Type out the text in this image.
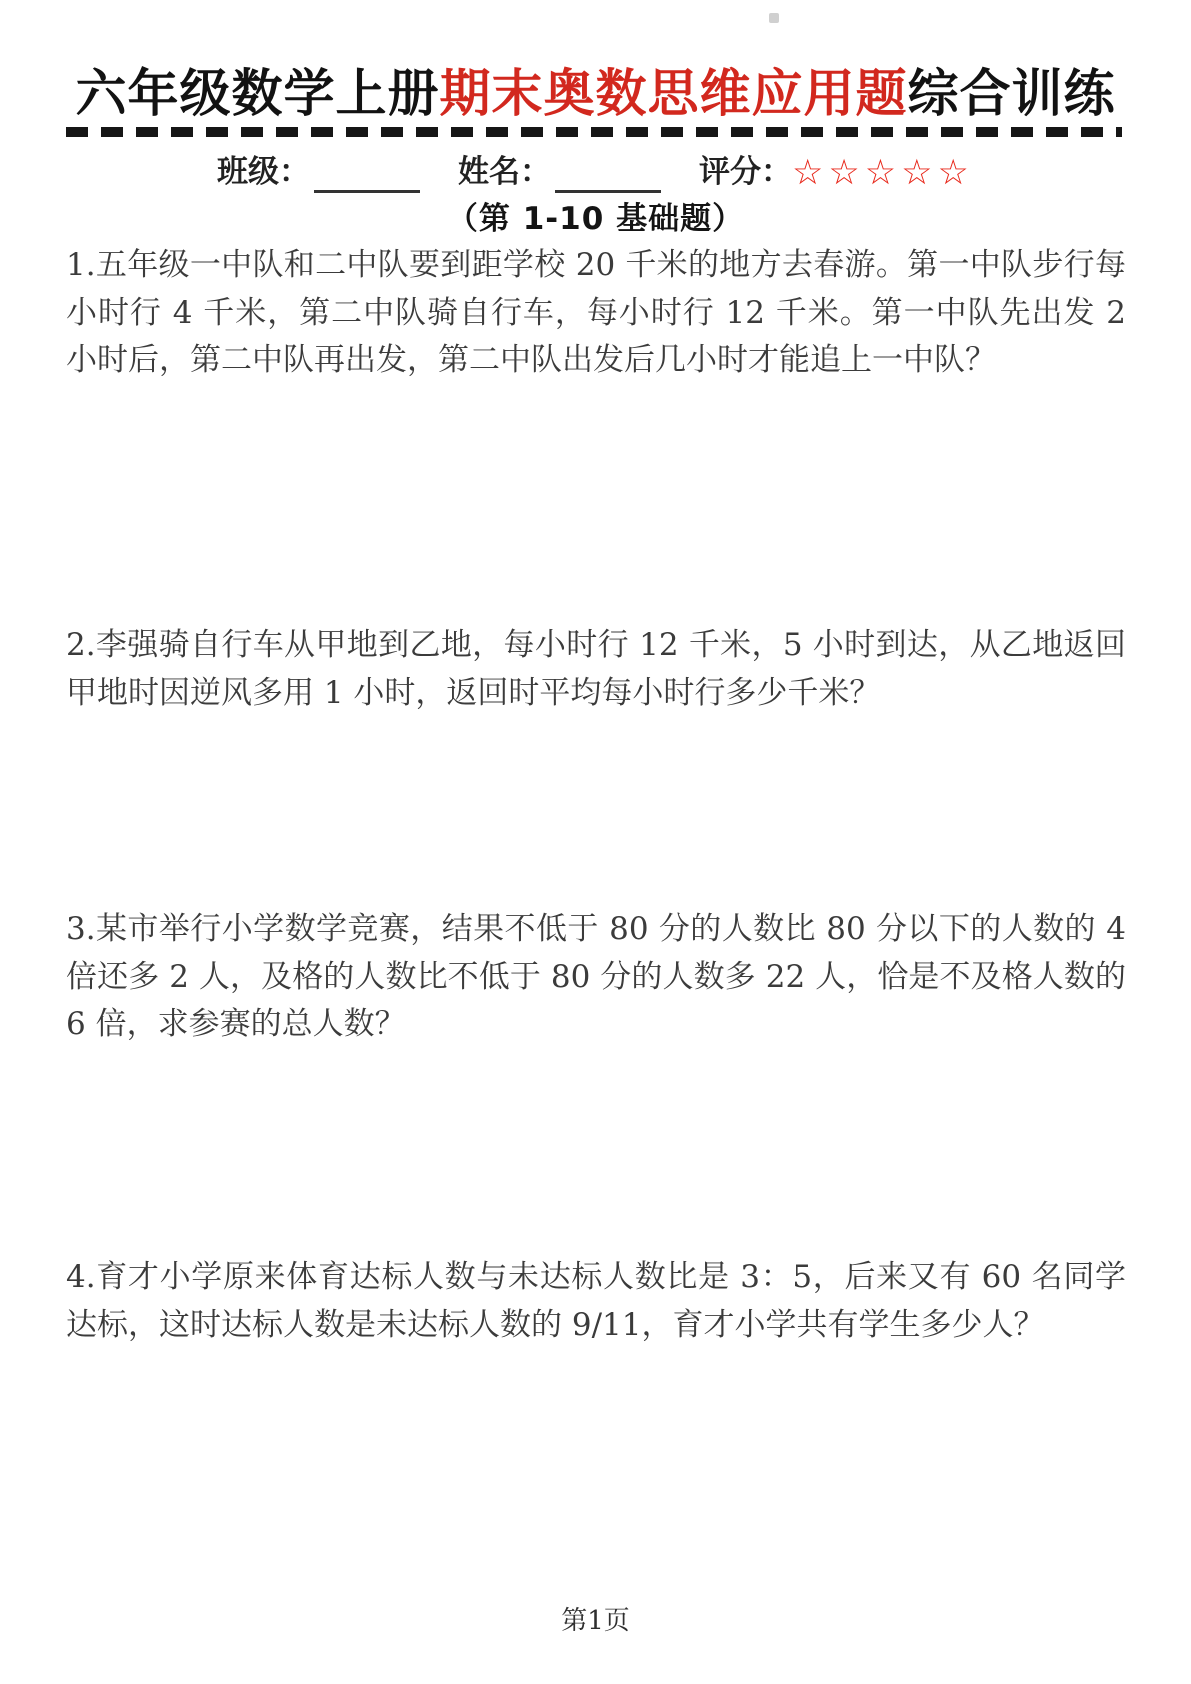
六年级数学上册期末奥数思维应用题综合训练
班级：	姓名：	评分：☆☆☆☆☆
（第 1-10 基础题）
1.五年级一中队和二中队要到距学校 20 千米的地方去春游。第一中队步行每小时行 4 千米，第二中队骑自行车，每小时行 12 千米。第一中队先出发 2 小时后，第二中队再出发，第二中队出发后几小时才能追上一中队？
2.李强骑自行车从甲地到乙地，每小时行 12 千米，5 小时到达，从乙地返回甲地时因逆风多用 1 小时，返回时平均每小时行多少千米？
3.某市举行小学数学竞赛，结果不低于 80 分的人数比 80 分以下的人数的 4 倍还多 2 人，及格的人数比不低于 80 分的人数多 22 人，恰是不及格人数的 6 倍，求参赛的总人数？
4.育才小学原来体育达标人数与未达标人数比是 3：5，后来又有 60 名同学达标，这时达标人数是未达标人数的 9/11，育才小学共有学生多少人？
第1页
